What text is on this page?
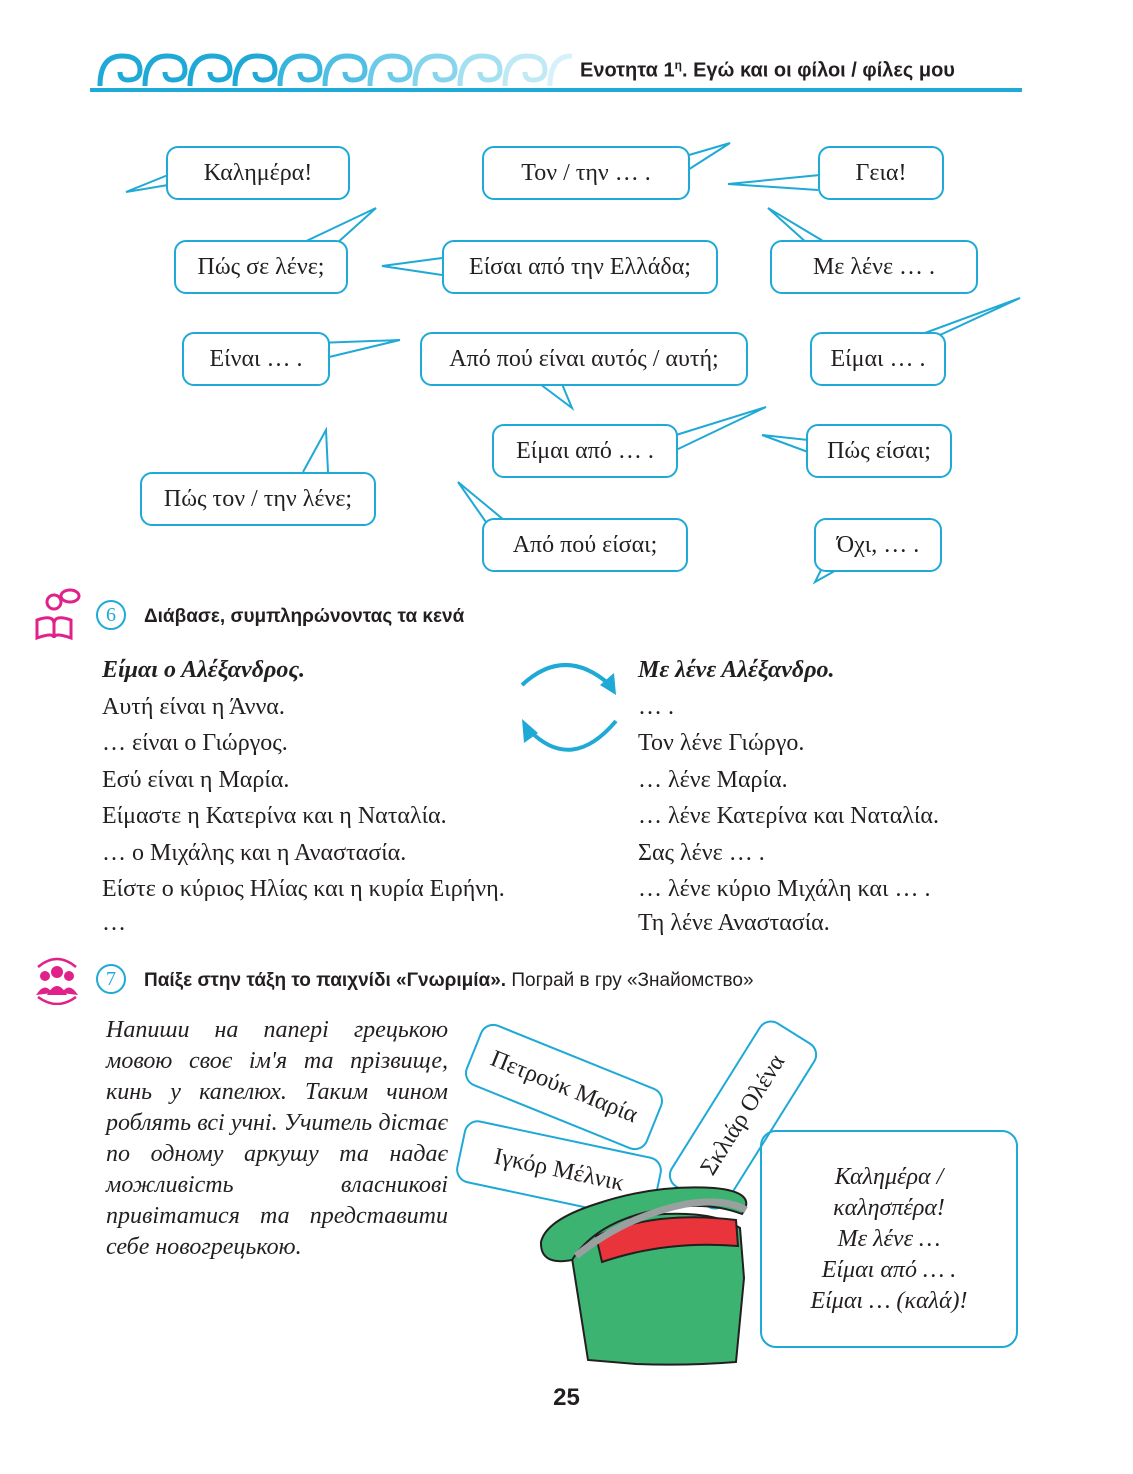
Ενοτητα $1^\eta$. Εγώ και οι φίλοι / φίλες μου
Καλημέρα!	Τον / την … .	Γεια!
Πώς σε λένε;	Είσαι από την Ελλάδα;	Με λένε … .
Είναι … .	Από πού είναι αυτός / αυτή;	Είμαι … .
Είμαι από … .	Πώς είσαι;
Πώς τον / την λένε;
Από πού είσαι;	Όχι, … .
6	Διάβασε, συμπληρώνοντας τα κενά
Είμαι ο Αλέξανδρος.
Αυτή είναι η Άννα.
… είναι ο Γιώργος.
Εσύ είναι η Μαρία.
Είμαστε η Κατερίνα και η Ναταλία.
… ο Μιχάλης και η Αναστασία.
Είστε ο κύριος Ηλίας και η κυρία Ειρήνη.
…
Με λένε Αλέξανδρο.
… .
Τον λένε Γιώργο.
… λένε Μαρία.
… λένε Κατερίνα και Ναταλία.
Σας λένε … .
… λένε κύριο Μιχάλη και … .
Τη λένε Αναστασία.
7	Παίξε στην τάξη το παιχνίδι «Γνωριμία». Пограй в гру «Знайомство»
Напиши на папері грецькою мовою своє ім'я та прізвище, кинь у капелюх. Таким чином роблять всі учні. Учитель дістає по одному аркушу та надає можливість власникові привітатися та представити себе новогрецькою.
Πετρούκ Μαρία	Σκλιάρ Ολένα
Ιγκόρ Μέλνικ	Καλημέρα /
καλησπέρα!
Με λένε …
Είμαι από … .
Είμαι … (καλά)!
25
